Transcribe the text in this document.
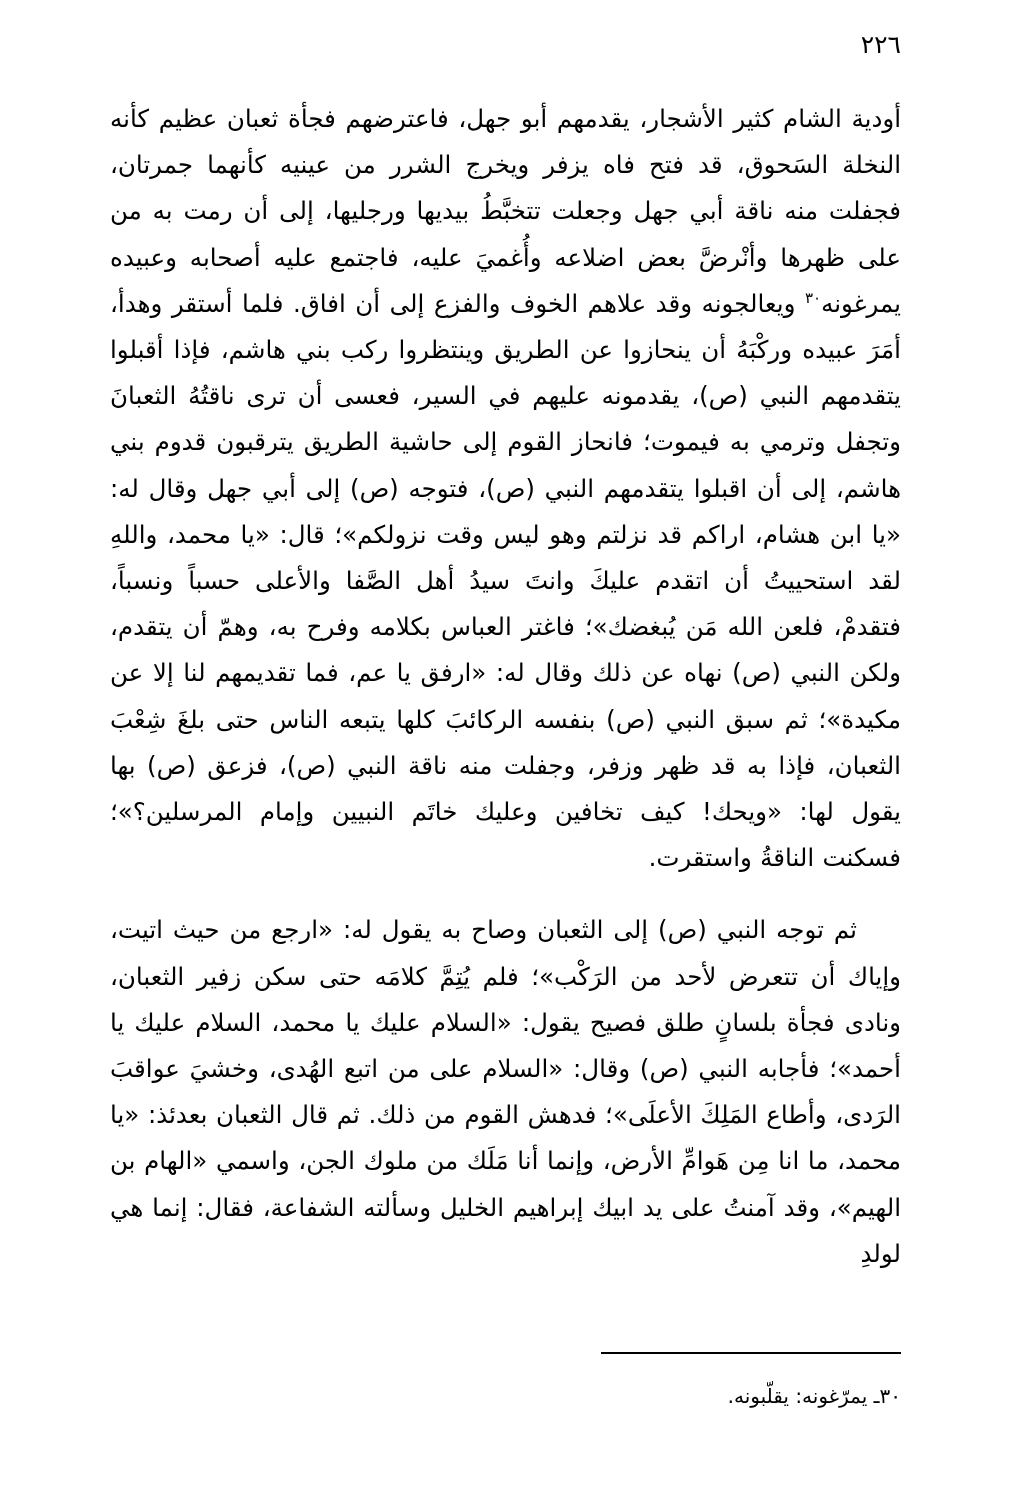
٢٢٦

أودية الشام كثير الأشجار، يقدمهم أبو جهل، فاعترضهم فجأة ثعبان عظيم كأنه النخلة السَحوق، قد فتح فاه يزفر ويخرج الشرر من عينيه كأنهما جمرتان، فجفلت منه ناقة أبي جهل وجعلت تتخبَّطُ بيديها ورجليها، إلى أن رمت به من على ظهرها وأنْرضَّ بعض اضلاعه وأُغميَ عليه، فاجتمع عليه أصحابه وعبيده يمرغونه$^{٣٠}$ ويعالجونه وقد علاهم الخوف والفزع إلى أن افاق. فلما أستقر وهدأ، أمَرَ عبيده وركْبَهُ أن ينحازوا عن الطريق وينتظروا ركب بني هاشم، فإذا أقبلوا يتقدمهم النبي (ص)، يقدمونه عليهم في السير، فعسى أن ترى ناقتُهُ الثعبانَ وتجفل وترمي به فيموت؛ فانحاز القوم إلى حاشية الطريق يترقبون قدوم بني هاشم، إلى أن اقبلوا يتقدمهم النبي (ص)، فتوجه (ص) إلى أبي جهل وقال له: «يا ابن هشام، اراكم قد نزلتم وهو ليس وقت نزولكم»؛ قال: «يا محمد، واللهِ لقد استحييتُ أن اتقدم عليكَ وانتَ سيدُ أهل الصَّفا والأعلى حسباً ونسباً، فتقدمْ، فلعن الله مَن يُبغضك»؛ فاغتر العباس بكلامه وفرح به، وهمّ أن يتقدم، ولكن النبي (ص) نهاه عن ذلك وقال له: «ارفق يا عم، فما تقديمهم لنا إلا عن مكيدة»؛ ثم سبق النبي (ص) بنفسه الركائبَ كلها يتبعه الناس حتى بلغَ شِعْبَ الثعبان، فإذا به قد ظهر وزفر، وجفلت منه ناقة النبي (ص)، فزعق (ص) بها يقول لها: «ويحك! كيف تخافين وعليك خاتَم النبيين وإمام المرسلين؟»؛ فسكنت الناقةُ واستقرت.

ثم توجه النبي (ص) إلى الثعبان وصاح به يقول له: «ارجع من حيث اتيت، وإياك أن تتعرض لأحد من الرَكْب»؛ فلم يُتِمَّ كلامَه حتى سكن زفير الثعبان، ونادى فجأة بلسانٍ طلق فصيح يقول: «السلام عليك يا محمد، السلام عليك يا أحمد»؛ فأجابه النبي (ص) وقال: «السلام على من اتبع الهُدى، وخشيَ عواقبَ الرَدى، وأطاع المَلِكَ الأعلَى»؛ فدهش القوم من ذلك. ثم قال الثعبان بعدئذ: «يا محمد، ما انا مِن هَوامِّ الأرض، وإنما أنا مَلَك من ملوك الجن، واسمي «الهام بن الهيم»، وقد آمنتُ على يد ابيك إبراهيم الخليل وسألته الشفاعة، فقال: إنما هي لولدِ

٣٠ـ يمرّغونه: يقلّبونه.
